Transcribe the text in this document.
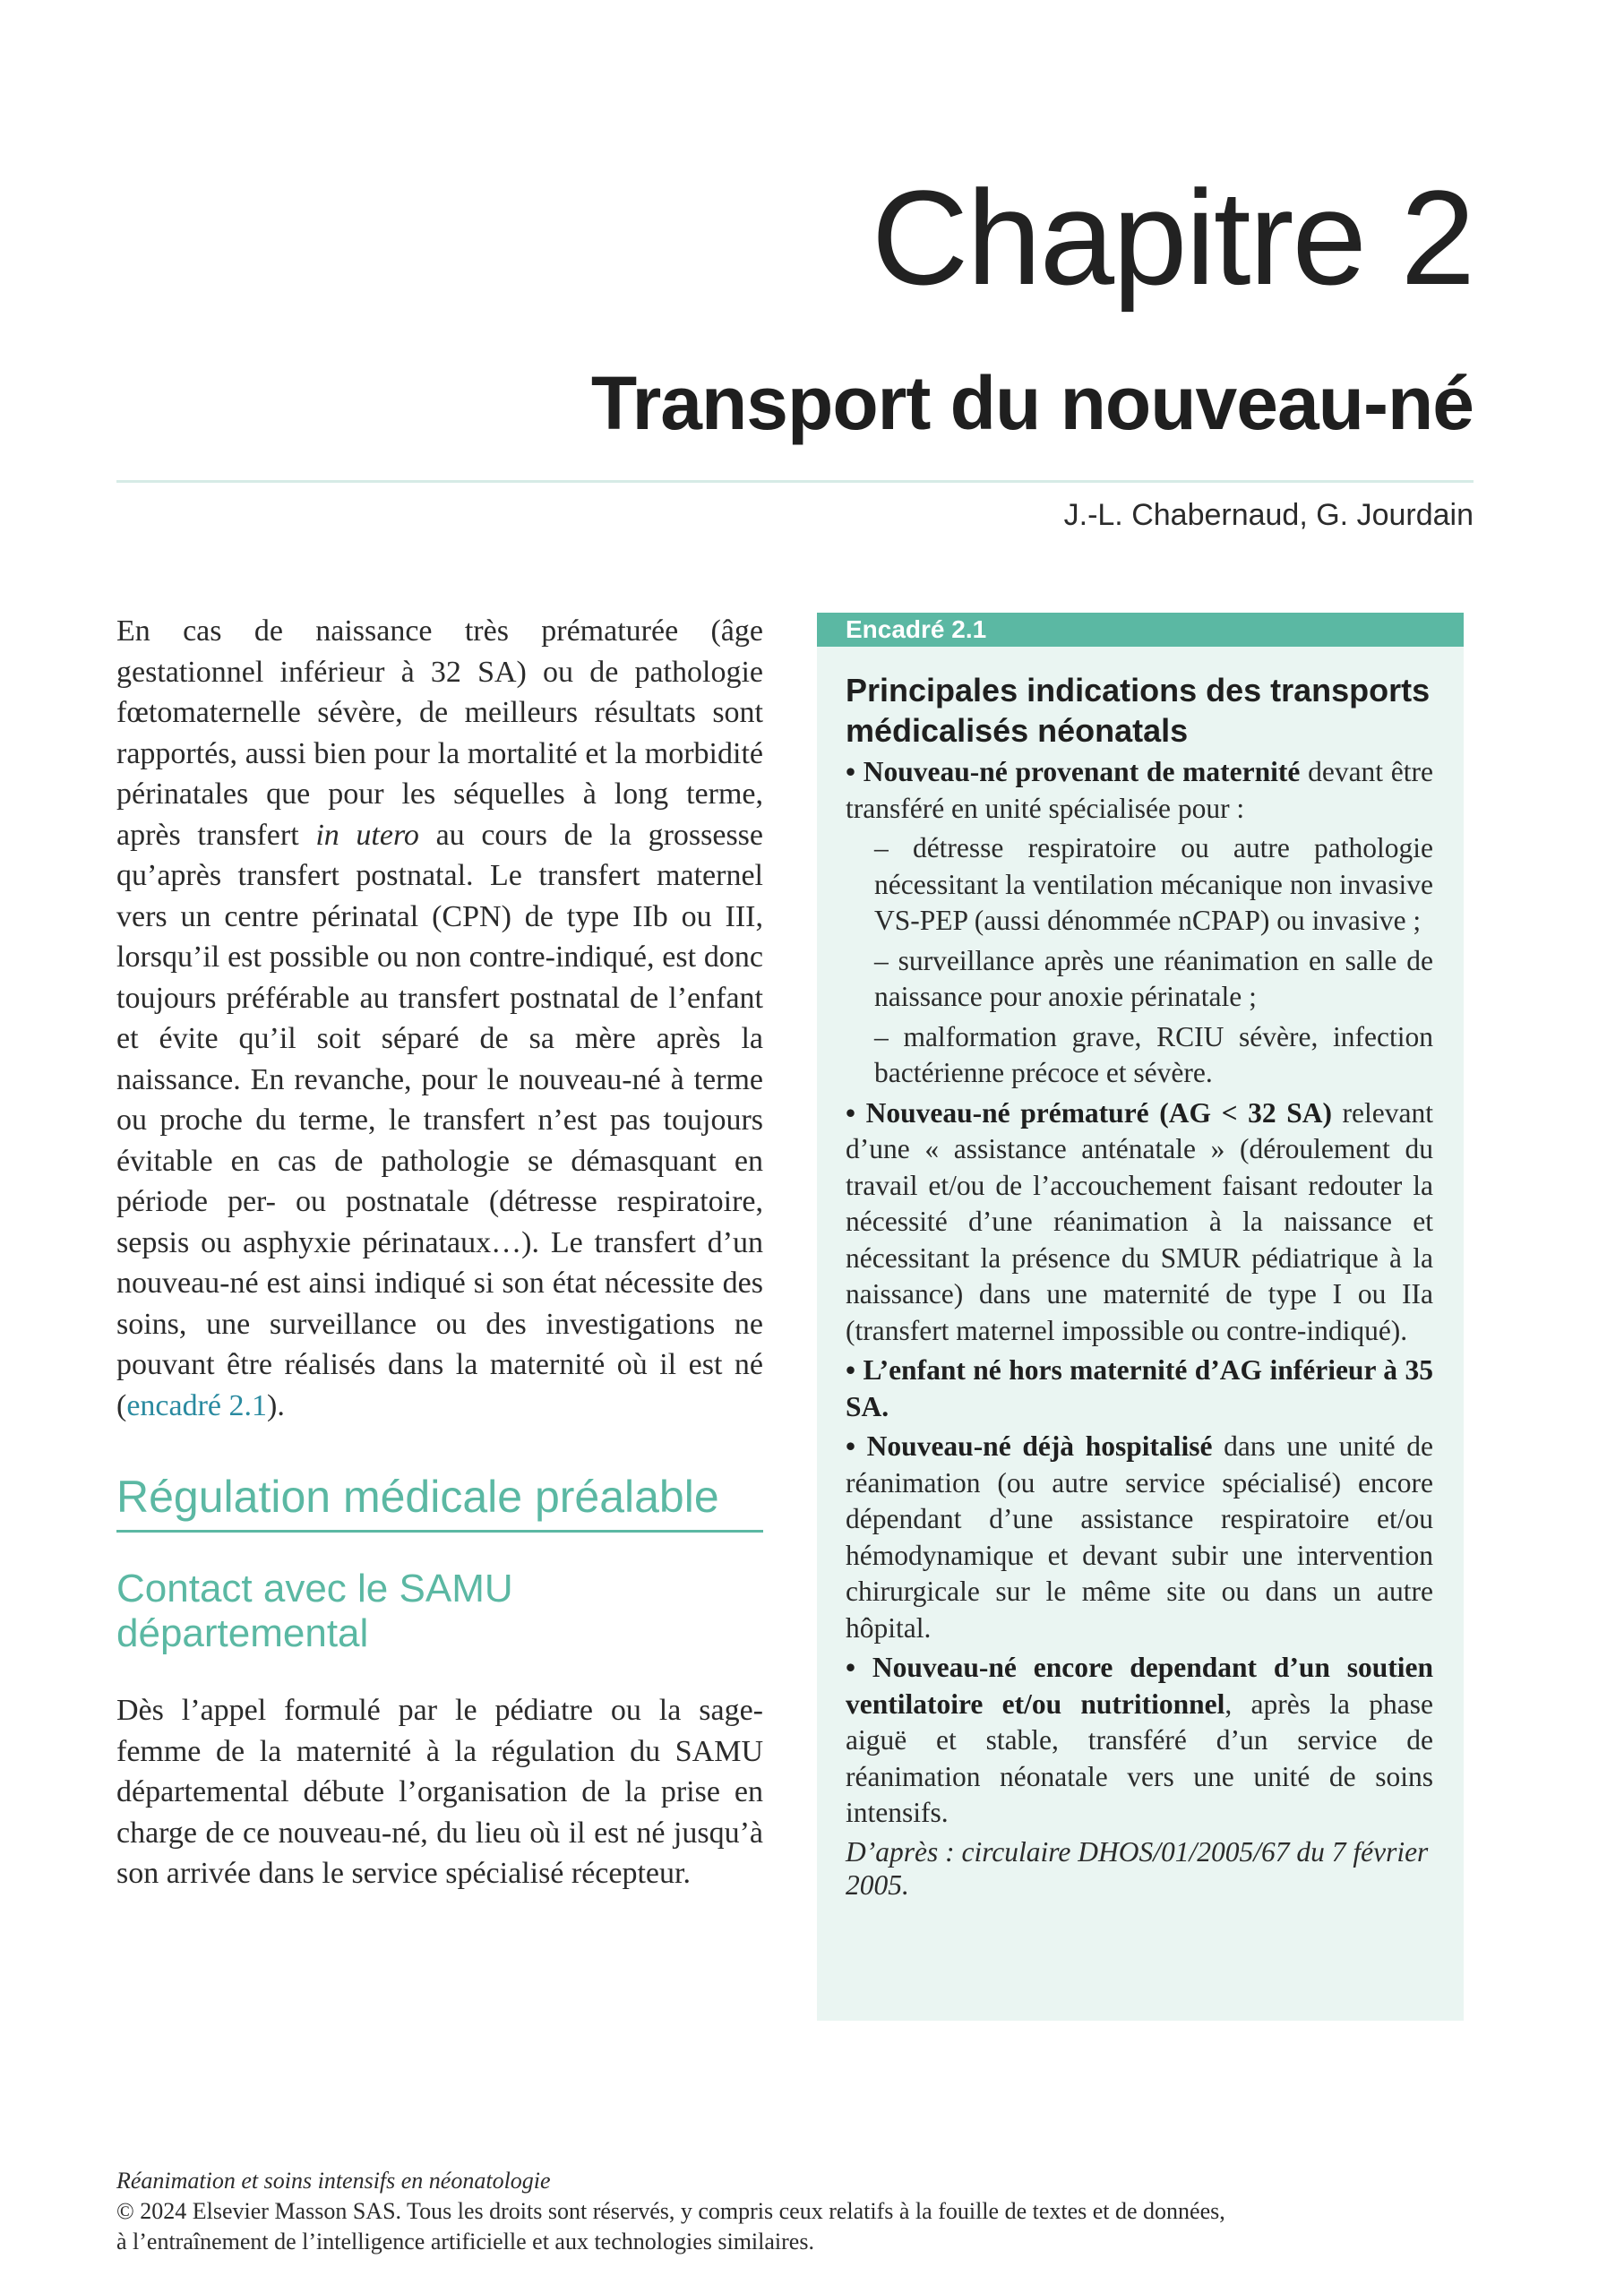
Chapitre 2
Transport du nouveau-né
J.-L. Chabernaud, G. Jourdain

En cas de naissance très prématurée (âge gestationnel inférieur à 32 SA) ou de pathologie fœtomaternelle sévère, de meilleurs résultats sont rapportés, aussi bien pour la mortalité et la morbidité périnatales que pour les séquelles à long terme, après transfert in utero au cours de la grossesse qu’après transfert postnatal. Le transfert maternel vers un centre périnatal (CPN) de type IIb ou III, lorsqu’il est possible ou non contre-indiqué, est donc toujours préférable au transfert postnatal de l’enfant et évite qu’il soit séparé de sa mère après la naissance. En revanche, pour le nouveau-né à terme ou proche du terme, le transfert n’est pas toujours évitable en cas de pathologie se démasquant en période per- ou postnatale (détresse respiratoire, sepsis ou asphyxie périnataux…). Le transfert d’un nouveau-né est ainsi indiqué si son état nécessite des soins, une surveillance ou des investigations ne pouvant être réalisés dans la maternité où il est né (encadré 2.1).

Régulation médicale préalable
Contact avec le SAMU départemental

Dès l’appel formulé par le pédiatre ou la sage-femme de la maternité à la régulation du SAMU départemental débute l’organisation de la prise en charge de ce nouveau-né, du lieu où il est né jusqu’à son arrivée dans le service spécialisé récepteur.

Encadré 2.1
Principales indications des transports médicalisés néonatals

• Nouveau-né provenant de maternité devant être transféré en unité spécialisée pour :

– détresse respiratoire ou autre pathologie nécessitant la ventilation mécanique non invasive VS-PEP (aussi dénommée nCPAP) ou invasive ;

– surveillance après une réanimation en salle de naissance pour anoxie périnatale ;

– malformation grave, RCIU sévère, infection bactérienne précoce et sévère.

• Nouveau-né prématuré (AG < 32 SA) relevant d’une « assistance anténatale » (déroulement du travail et/ou de l’accouchement faisant redouter la nécessité d’une réanimation à la naissance et nécessitant la présence du SMUR pédiatrique à la naissance) dans une maternité de type I ou IIa (transfert maternel impossible ou contre-indiqué).

• L’enfant né hors maternité d’AG inférieur à 35 SA.

• Nouveau-né déjà hospitalisé dans une unité de réanimation (ou autre service spécialisé) encore dépendant d’une assistance respiratoire et/ou hémodynamique et devant subir une intervention chirurgicale sur le même site ou dans un autre hôpital.

• Nouveau-né encore dependant d’un soutien ventilatoire et/ou nutritionnel, après la phase aiguë et stable, transféré d’un service de réanimation néonatale vers une unité de soins intensifs.

D’après : circulaire DHOS/01/2005/67 du 7 février 2005.

Réanimation et soins intensifs en néonatologie
© 2024 Elsevier Masson SAS. Tous les droits sont réservés, y compris ceux relatifs à la fouille de textes et de données,
à l’entraînement de l’intelligence artificielle et aux technologies similaires.
